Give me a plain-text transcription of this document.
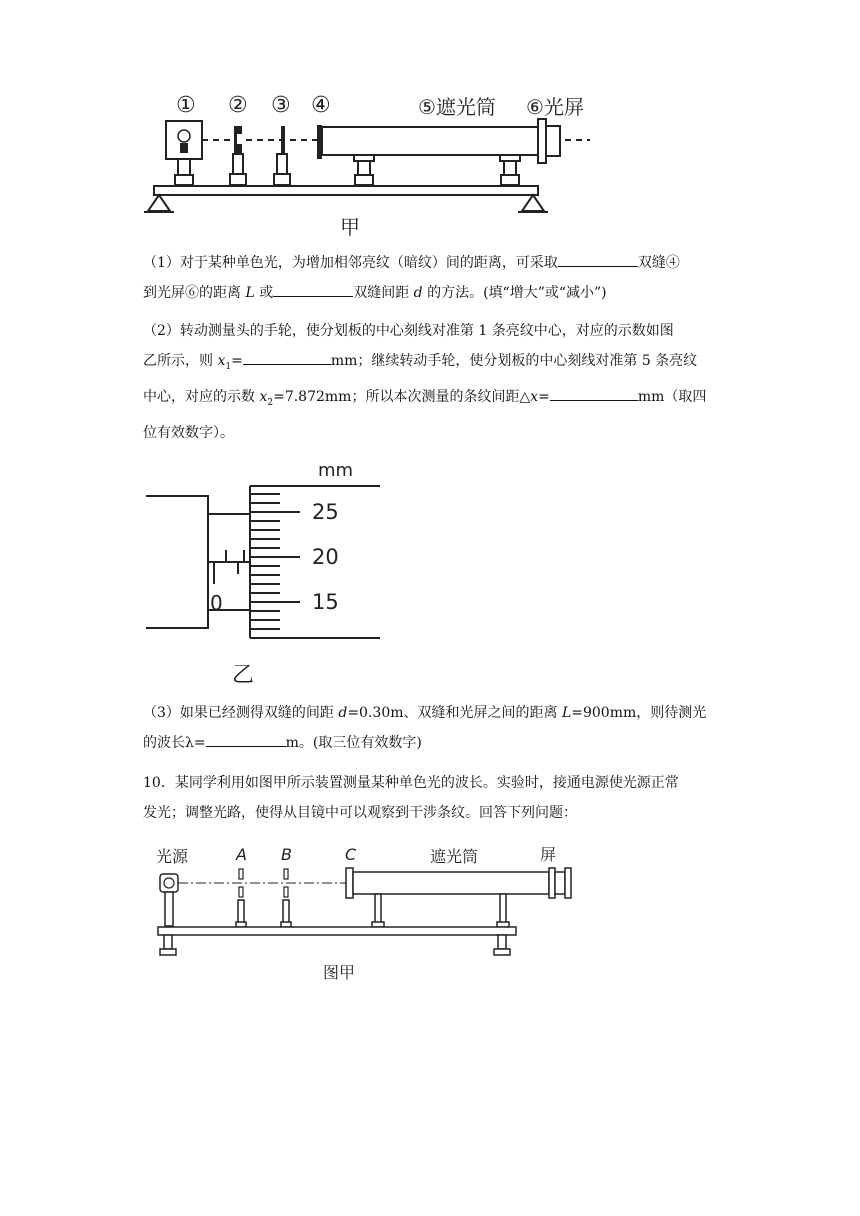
① ② ③ ④	⑤遮光筒 ⑥光屏
甲
（1）对于某种单色光，为增加相邻亮纹（暗纹）间的距离，可采取	双缝④
到光屏⑥的距离 L 或	双缝间距 d 的方法。(填“增大”或“减小”)
（2）转动测量头的手轮，使分划板的中心刻线对准第 1 条亮纹中心，对应的示数如图
乙所示，则 $x_1=$	mm；继续转动手轮，使分划板的中心刻线对准第 5 条亮纹
中心，对应的示数 $x_2=7.872mm$；所以本次测量的条纹间距△x=	mm（取四
位有效数字）。
mm
0
25
20
15
乙
（3）如果已经测得双缝的间距 d=0.30m、双缝和光屏之间的距离 L=900mm，则待测光
的波长λ=	m。(取三位有效数字)
10．某同学利用如图甲所示装置测量某种单色光的波长。实验时，接通电源使光源正常
发光；调整光路，使得从目镜中可以观察到干涉条纹。回答下列问题：
光源	A B	C	遮光筒	屏
图甲
